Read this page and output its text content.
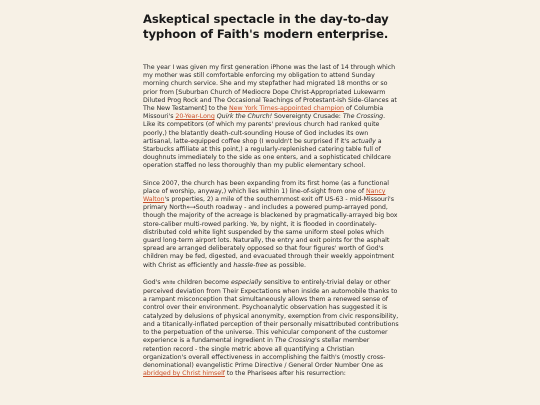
Askeptical spectacle in the day-to-day typhoon of Faith's modern enterprise.

The year I was given my first generation iPhone was the last of 14 through which my mother was still comfortable enforcing my obligation to attend Sunday morning church service. She and my stepfather had migrated 18 months or so prior from [Suburban Church of Mediocre Dope Christ-Appropriated Lukewarm Diluted Prog Rock and The Occasional Teachings of Protestant-ish Side-Glances at The New Testament] to the New York Times-appointed champion of Columbia Missouri's 20-Year-Long Quirk the Church! Sovereignty Crusade: The Crossing. Like its competitors (of which my parents' previous church had ranked quite poorly,) the blatantly death-cult-sounding House of God includes its own artisanal, latte-equipped coffee shop (I wouldn't be surprised if it's actually a Starbucks affiliate at this point,) a regularly-replenished catering table full of doughnuts immediately to the side as one enters, and a sophisticated childcare operation staffed no less thoroughly than my public elementary school.

Since 2007, the church has been expanding from its first home (as a functional place of worship, anyway,) which lies within 1) line-of-sight from one of Nancy Walton's properties, 2) a mile of the southernmost exit off US-63 - mid-Missouri's primary North⟷South roadway - and includes a powered pump-arrayed pond, though the majority of the acreage is blackened by pragmatically-arrayed big box store-caliber multi-rowed parking. Ye, by night, it is flooded in coordinately-distributed cold white light suspended by the same uniform steel poles which guard long-term airport lots. Naturally, the entry and exit points for the asphalt spread are arranged deliberately opposed so that four figures' worth of God's children may be fed, digested, and evacuated through their weekly appointment with Christ as efficiently and hassle-free as possible.

God's white children become especially sensitive to entirely-trivial delay or other perceived deviation from Their Expectations when inside an automobile thanks to a rampant misconception that simultaneously allows them a renewed sense of control over their environment. Psychoanalytic observation has suggested it is catalyzed by delusions of physical anonymity, exemption from civic responsibility, and a titanically-inflated perception of their personally misattributed contributions to the perpetuation of the universe. This vehicular component of the customer experience is a fundamental ingredient in The Crossing's stellar member retention record - the single metric above all quantifying a Christian organization's overall effectiveness in accomplishing the faith's (mostly cross-denominational) evangelistic Prime Directive / General Order Number One as abridged by Christ himself to the Pharisees after his resurrection:
